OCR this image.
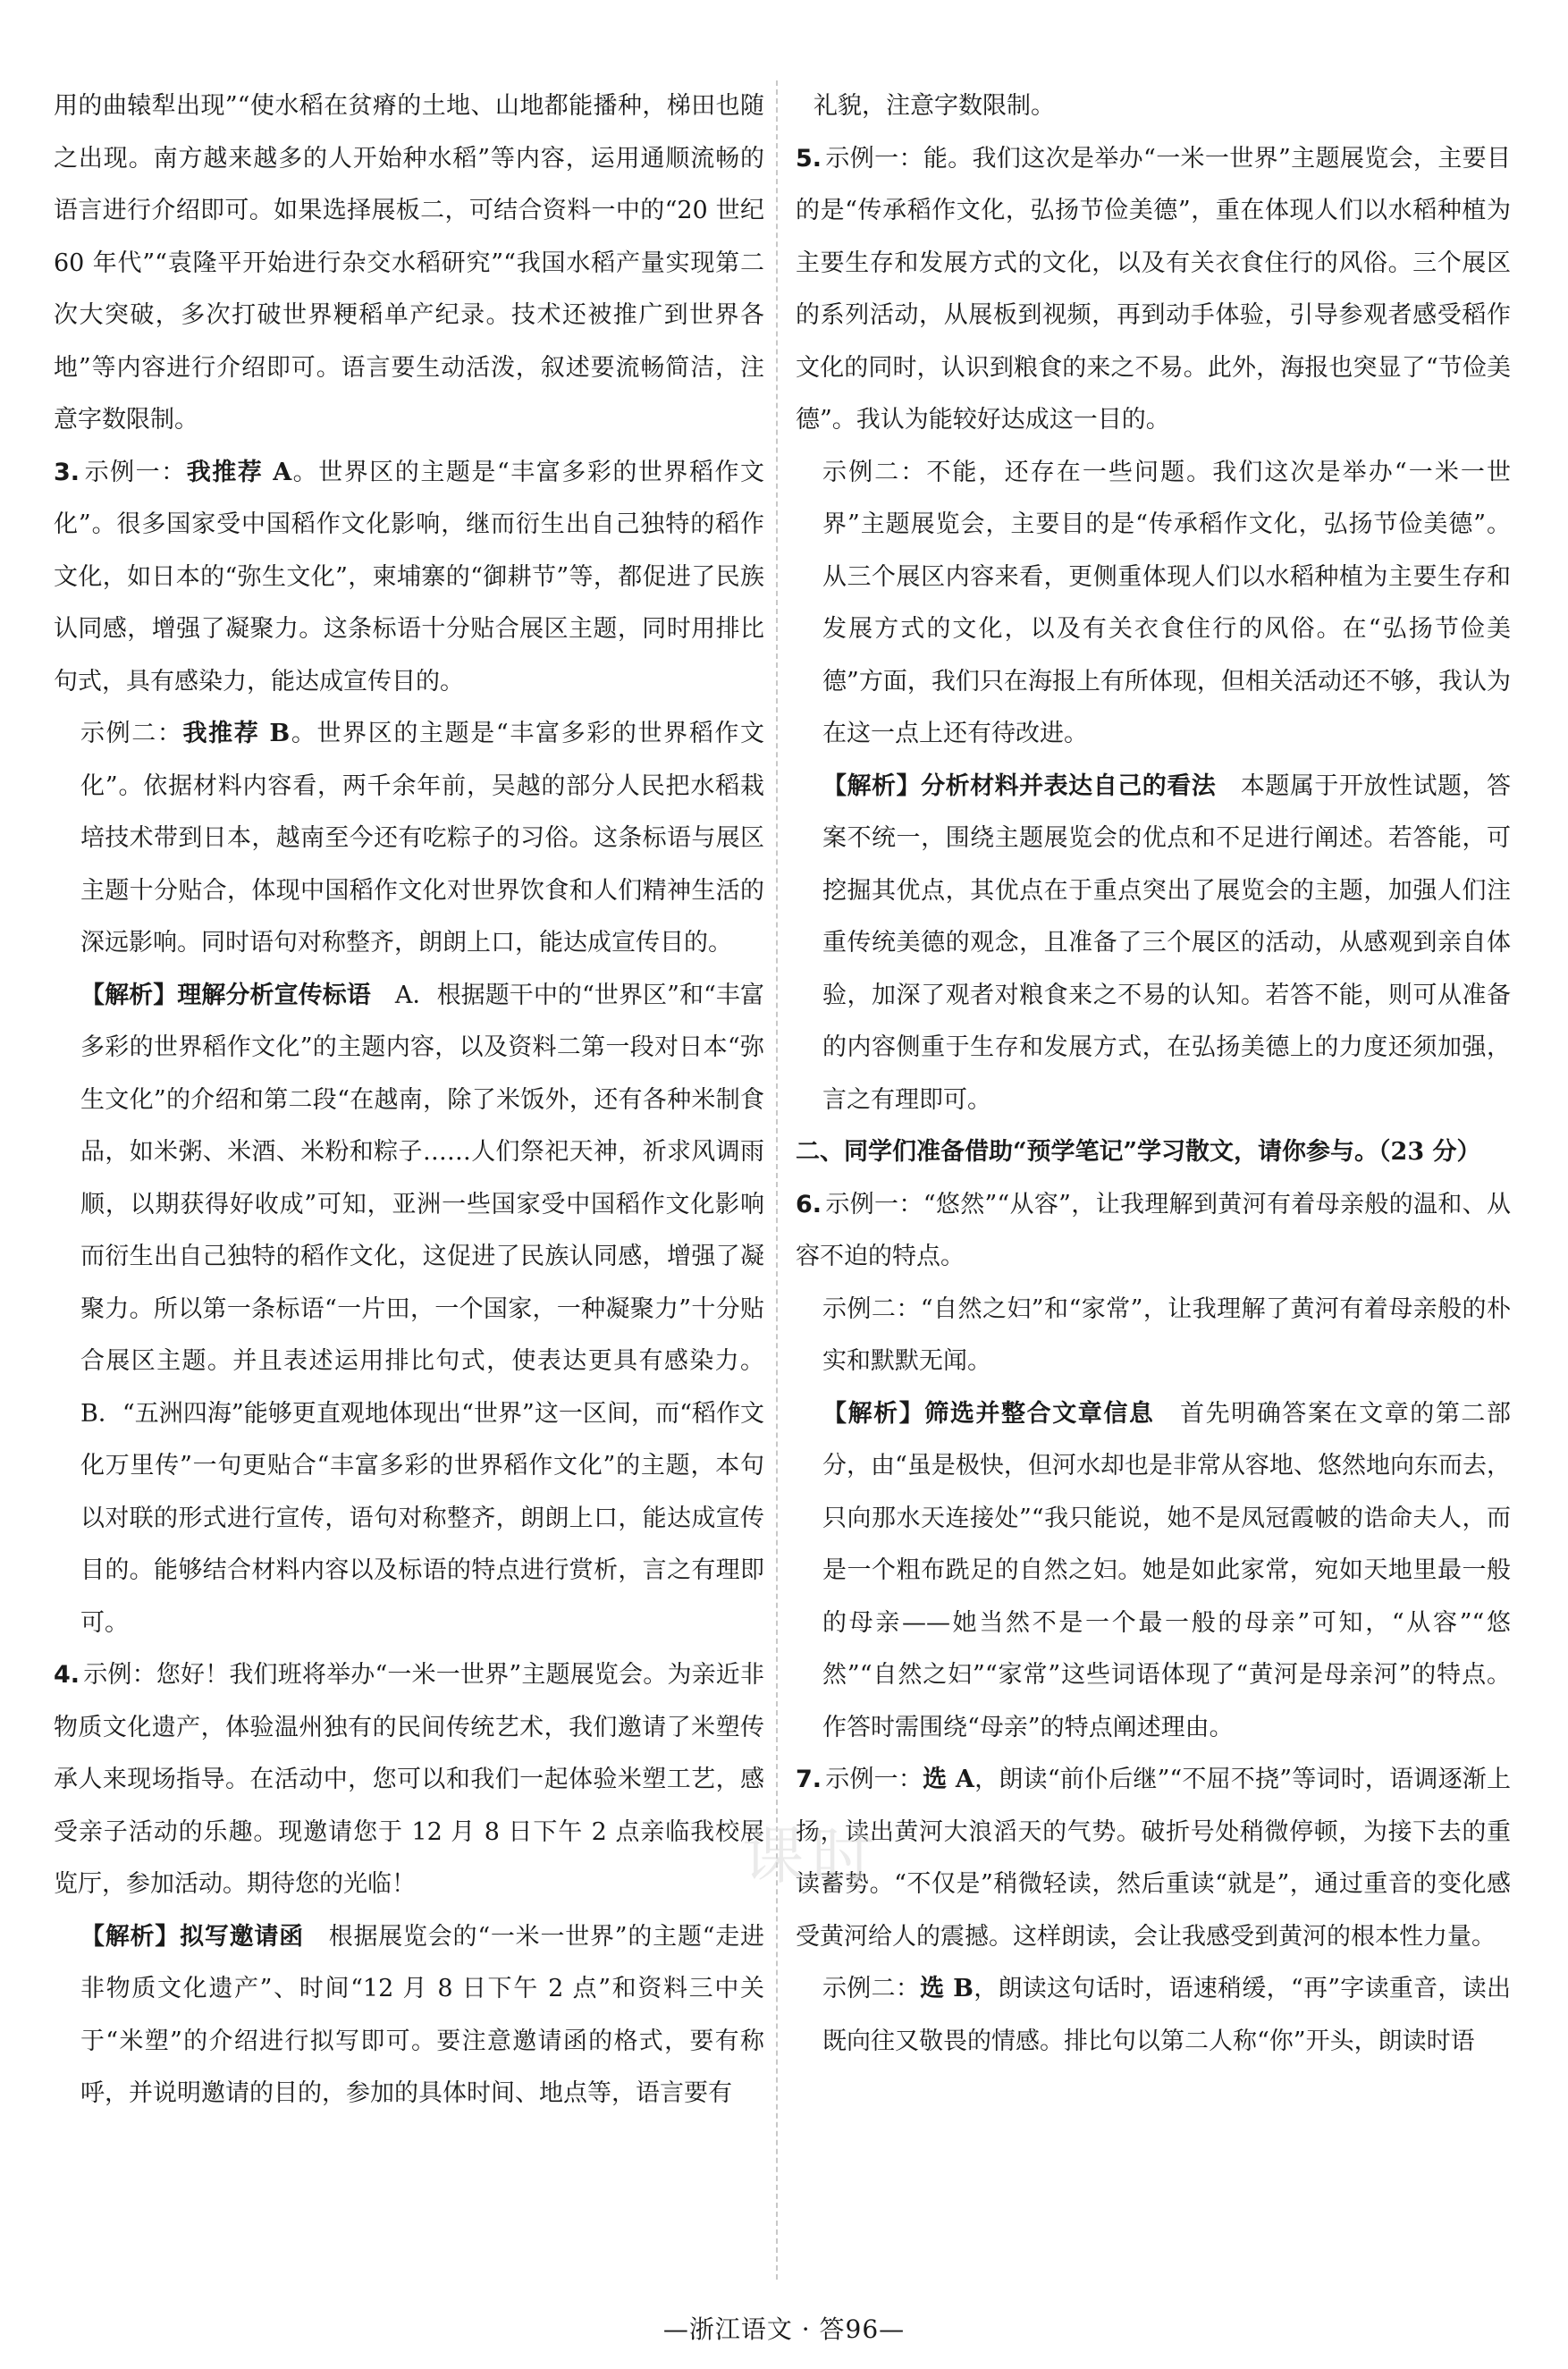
用的曲辕犁出现”“使水稻在贫瘠的土地、山地都能播种，梯田也随之出现。南方越来越多的人开始种水稻”等内容，运用通顺流畅的语言进行介绍即可。如果选择展板二，可结合资料一中的“20 世纪 60 年代”“袁隆平开始进行杂交水稻研究”“我国水稻产量实现第二次大突破，多次打破世界粳稻单产纪录。技术还被推广到世界各地”等内容进行介绍即可。语言要生动活泼，叙述要流畅简洁，注意字数限制。

3. 示例一：我推荐 A。世界区的主题是“丰富多彩的世界稻作文化”。很多国家受中国稻作文化影响，继而衍生出自己独特的稻作文化，如日本的“弥生文化”，柬埔寨的“御耕节”等，都促进了民族认同感，增强了凝聚力。这条标语十分贴合展区主题，同时用排比句式，具有感染力，能达成宣传目的。

示例二：我推荐 B。世界区的主题是“丰富多彩的世界稻作文化”。依据材料内容看，两千余年前，吴越的部分人民把水稻栽培技术带到日本，越南至今还有吃粽子的习俗。这条标语与展区主题十分贴合，体现中国稻作文化对世界饮食和人们精神生活的深远影响。同时语句对称整齐，朗朗上口，能达成宣传目的。

【解析】理解分析宣传标语　A．根据题干中的“世界区”和“丰富多彩的世界稻作文化”的主题内容，以及资料二第一段对日本“弥生文化”的介绍和第二段“在越南，除了米饭外，还有各种米制食品，如米粥、米酒、米粉和粽子……人们祭祀天神，祈求风调雨顺，以期获得好收成”可知，亚洲一些国家受中国稻作文化影响而衍生出自己独特的稻作文化，这促进了民族认同感，增强了凝聚力。所以第一条标语“一片田，一个国家，一种凝聚力”十分贴合展区主题。并且表述运用排比句式，使表达更具有感染力。B．“五洲四海”能够更直观地体现出“世界”这一区间，而“稻作文化万里传”一句更贴合“丰富多彩的世界稻作文化”的主题，本句以对联的形式进行宣传，语句对称整齐，朗朗上口，能达成宣传目的。能够结合材料内容以及标语的特点进行赏析，言之有理即可。

4. 示例：您好！我们班将举办“一米一世界”主题展览会。为亲近非物质文化遗产，体验温州独有的民间传统艺术，我们邀请了米塑传承人来现场指导。在活动中，您可以和我们一起体验米塑工艺，感受亲子活动的乐趣。现邀请您于 12 月 8 日下午 2 点亲临我校展览厅，参加活动。期待您的光临！

【解析】拟写邀请函　根据展览会的“一米一世界”的主题“走进非物质文化遗产”、时间“12 月 8 日下午 2 点”和资料三中关于“米塑”的介绍进行拟写即可。要注意邀请函的格式，要有称呼，并说明邀请的目的，参加的具体时间、地点等，语言要有

礼貌，注意字数限制。

5. 示例一：能。我们这次是举办“一米一世界”主题展览会，主要目的是“传承稻作文化，弘扬节俭美德”，重在体现人们以水稻种植为主要生存和发展方式的文化，以及有关衣食住行的风俗。三个展区的系列活动，从展板到视频，再到动手体验，引导参观者感受稻作文化的同时，认识到粮食的来之不易。此外，海报也突显了“节俭美德”。我认为能较好达成这一目的。

示例二：不能，还存在一些问题。我们这次是举办“一米一世界”主题展览会，主要目的是“传承稻作文化，弘扬节俭美德”。从三个展区内容来看，更侧重体现人们以水稻种植为主要生存和发展方式的文化，以及有关衣食住行的风俗。在“弘扬节俭美德”方面，我们只在海报上有所体现，但相关活动还不够，我认为在这一点上还有待改进。

【解析】分析材料并表达自己的看法　本题属于开放性试题，答案不统一，围绕主题展览会的优点和不足进行阐述。若答能，可挖掘其优点，其优点在于重点突出了展览会的主题，加强人们注重传统美德的观念，且准备了三个展区的活动，从感观到亲自体验，加深了观者对粮食来之不易的认知。若答不能，则可从准备的内容侧重于生存和发展方式，在弘扬美德上的力度还须加强，言之有理即可。

二、同学们准备借助“预学笔记”学习散文，请你参与。（23 分）

6. 示例一：“悠然”“从容”，让我理解到黄河有着母亲般的温和、从容不迫的特点。

示例二：“自然之妇”和“家常”，让我理解了黄河有着母亲般的朴实和默默无闻。

【解析】筛选并整合文章信息　首先明确答案在文章的第二部分，由“虽是极快，但河水却也是非常从容地、悠然地向东而去，只向那水天连接处”“我只能说，她不是凤冠霞帔的诰命夫人，而是一个粗布跣足的自然之妇。她是如此家常，宛如天地里最一般的母亲——她当然不是一个最一般的母亲”可知，“从容”“悠然”“自然之妇”“家常”这些词语体现了“黄河是母亲河”的特点。作答时需围绕“母亲”的特点阐述理由。

7. 示例一：选 A，朗读“前仆后继”“不屈不挠”等词时，语调逐渐上扬，读出黄河大浪滔天的气势。破折号处稍微停顿，为接下去的重读蓄势。“不仅是”稍微轻读，然后重读“就是”，通过重音的变化感受黄河给人的震撼。这样朗读，会让我感受到黄河的根本性力量。

示例二：选 B，朗读这句话时，语速稍缓，“再”字读重音，读出既向往又敬畏的情感。排比句以第二人称“你”开头，朗读时语

课时
—浙江语文 · 答96—
